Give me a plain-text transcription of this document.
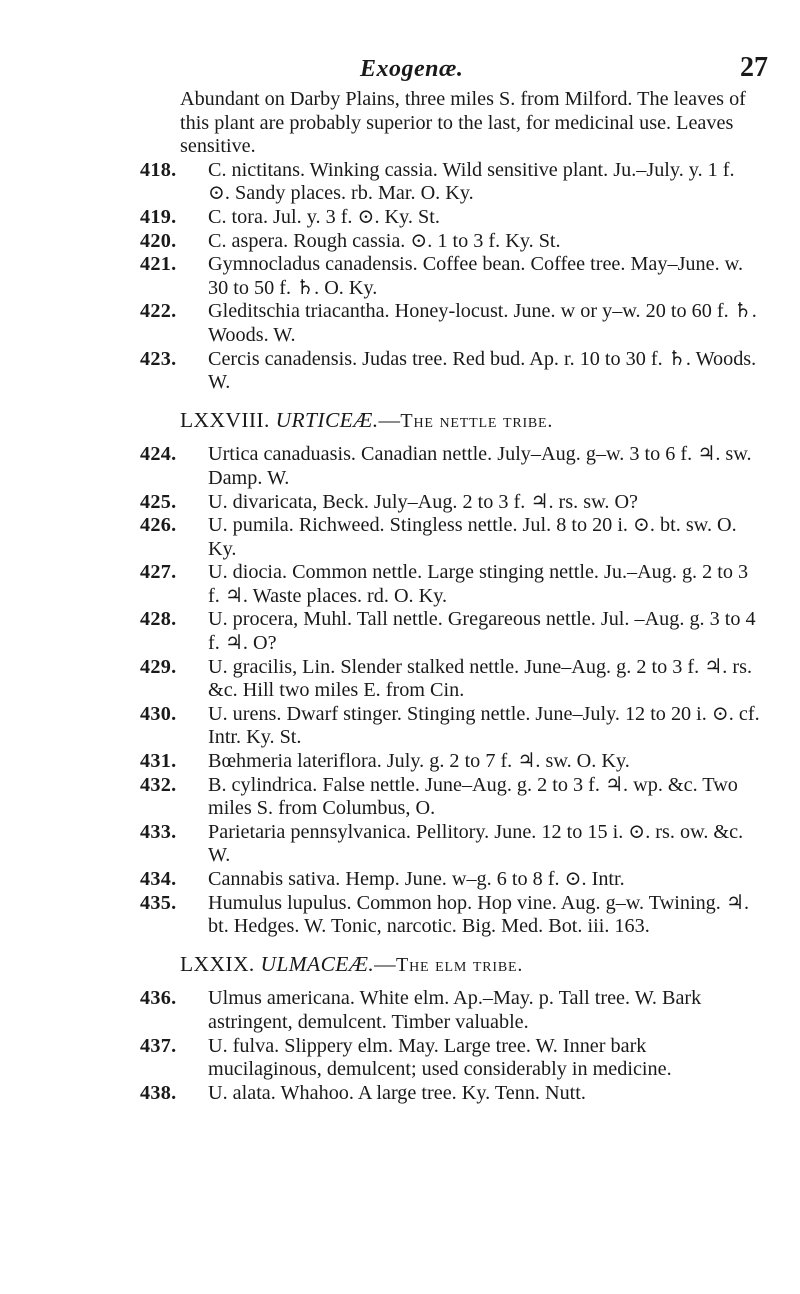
Exogenæ.	27

Abundant on Darby Plains, three miles S. from Milford. The leaves of this plant are probably superior to the last, for medicinal use. Leaves sensitive.

418. C. nictitans. Winking cassia. Wild sensitive plant. Ju.–July. y. 1 f. ⊙. Sandy places. rb. Mar. O. Ky.

419. C. tora. Jul. y. 3 f. ⊙. Ky. St.

420. C. aspera. Rough cassia. ⊙. 1 to 3 f. Ky. St.

421. Gymnocladus canadensis. Coffee bean. Coffee tree. May–June. w. 30 to 50 f. ♄. O. Ky.

422. Gleditschia triacantha. Honey-locust. June. w or y–w. 20 to 60 f. ♄. Woods. W.

423. Cercis canadensis. Judas tree. Red bud. Ap. r. 10 to 30 f. ♄. Woods. W.

LXXVIII. URTICEÆ.—The nettle tribe.

424. Urtica canaduasis. Canadian nettle. July–Aug. g–w. 3 to 6 f. ♃. sw. Damp. W.

425. U. divaricata, Beck. July–Aug. 2 to 3 f. ♃. rs. sw. O?

426. U. pumila. Richweed. Stingless nettle. Jul. 8 to 20 i. ⊙. bt. sw. O. Ky.

427. U. diocia. Common nettle. Large stinging nettle. Ju.–Aug. g. 2 to 3 f. ♃. Waste places. rd. O. Ky.

428. U. procera, Muhl. Tall nettle. Gregareous nettle. Jul. –Aug. g. 3 to 4 f. ♃. O?

429. U. gracilis, Lin. Slender stalked nettle. June–Aug. g. 2 to 3 f. ♃. rs. &c. Hill two miles E. from Cin.

430. U. urens. Dwarf stinger. Stinging nettle. June–July. 12 to 20 i. ⊙. cf. Intr. Ky. St.

431. Bœhmeria lateriflora. July. g. 2 to 7 f. ♃. sw. O. Ky.

432. B. cylindrica. False nettle. June–Aug. g. 2 to 3 f. ♃. wp. &c. Two miles S. from Columbus, O.

433. Parietaria pennsylvanica. Pellitory. June. 12 to 15 i. ⊙. rs. ow. &c. W.

434. Cannabis sativa. Hemp. June. w–g. 6 to 8 f. ⊙. Intr.

435. Humulus lupulus. Common hop. Hop vine. Aug. g–w. Twining. ♃. bt. Hedges. W. Tonic, narcotic. Big. Med. Bot. iii. 163.

LXXIX. ULMACEÆ.—The elm tribe.

436. Ulmus americana. White elm. Ap.–May. p. Tall tree. W. Bark astringent, demulcent. Timber valuable.

437. U. fulva. Slippery elm. May. Large tree. W. Inner bark mucilaginous, demulcent; used considerably in medicine.

438. U. alata. Whahoo. A large tree. Ky. Tenn. Nutt.
